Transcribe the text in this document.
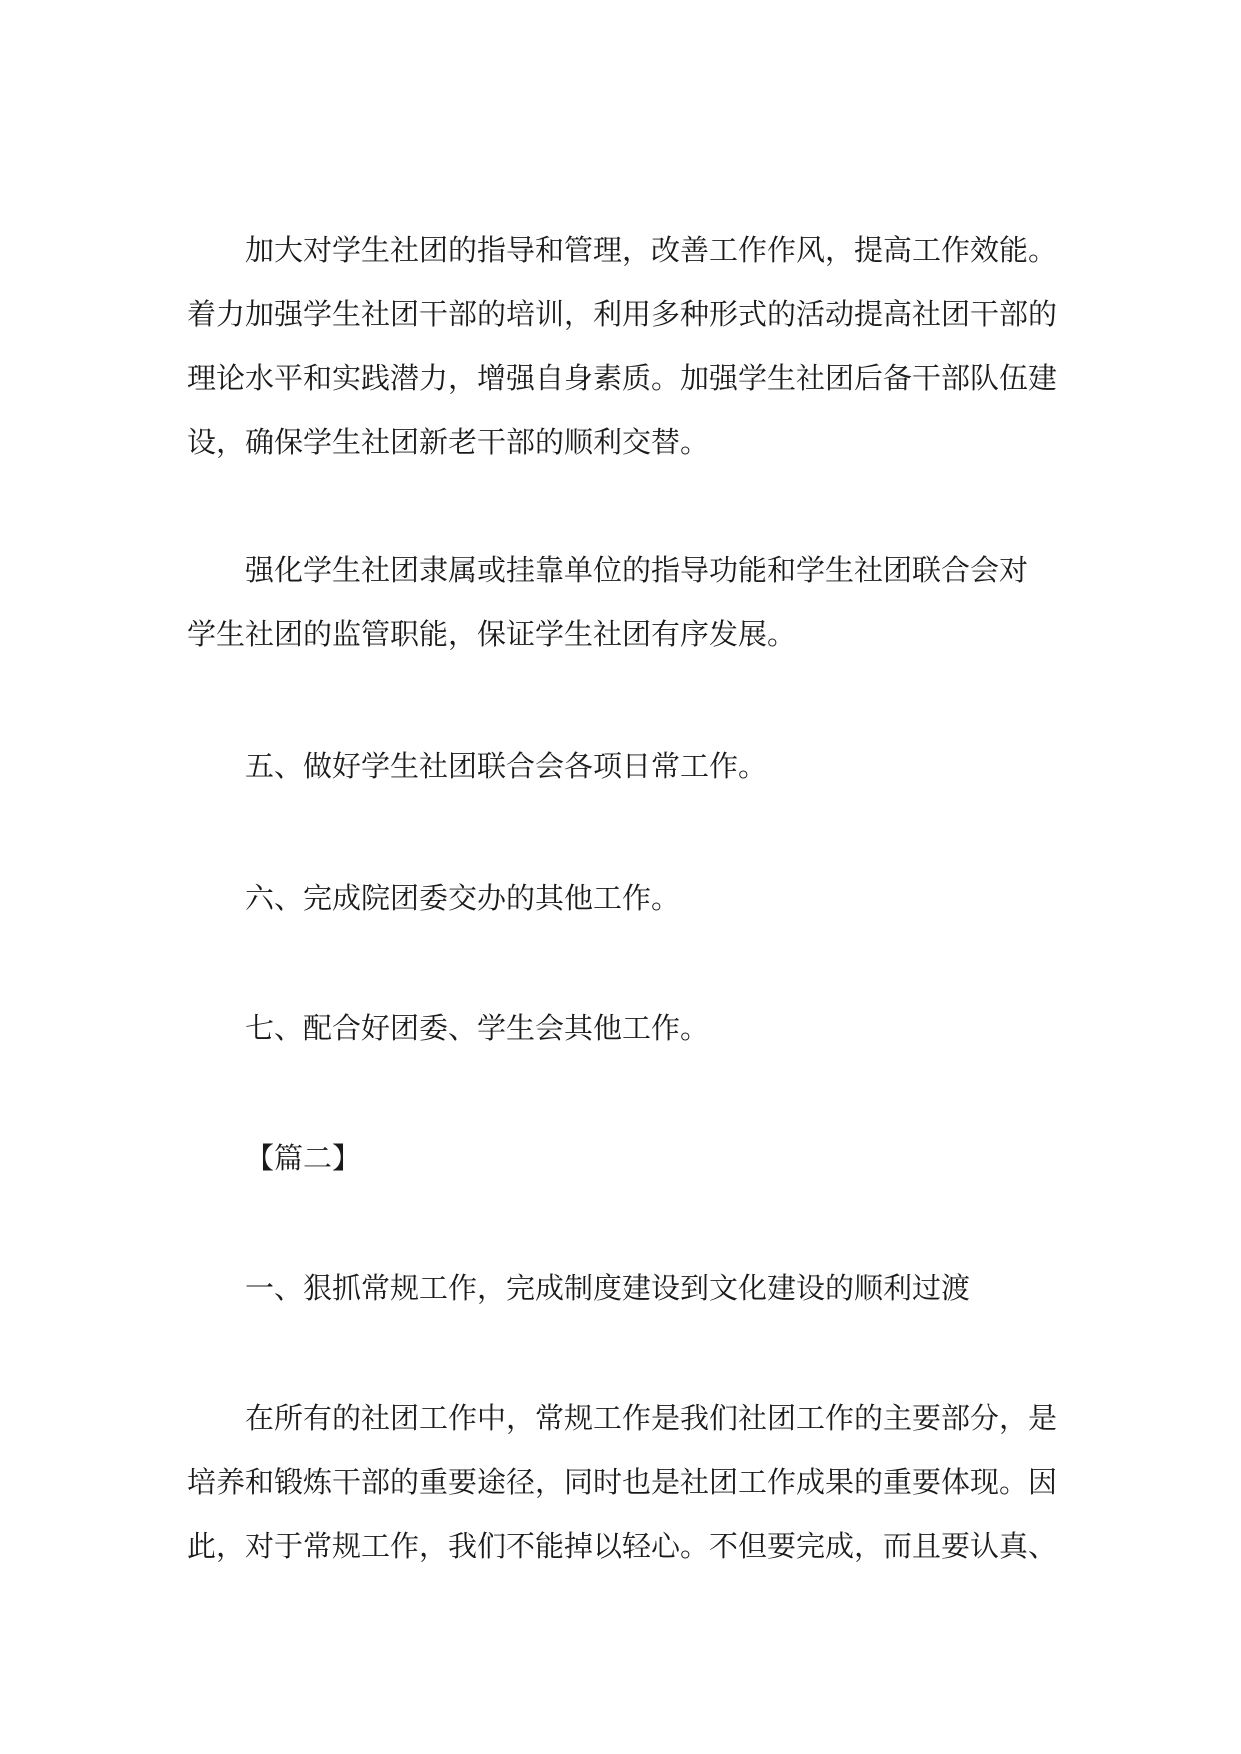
加大对学生社团的指导和管理，改善工作作风，提高工作效能。
着力加强学生社团干部的培训，利用多种形式的活动提高社团干部的
理论水平和实践潜力，增强自身素质。加强学生社团后备干部队伍建
设，确保学生社团新老干部的顺利交替。
强化学生社团隶属或挂靠单位的指导功能和学生社团联合会对
学生社团的监管职能，保证学生社团有序发展。
五、做好学生社团联合会各项日常工作。
六、完成院团委交办的其他工作。
七、配合好团委、学生会其他工作。
【篇二】
一、狠抓常规工作，完成制度建设到文化建设的顺利过渡
在所有的社团工作中，常规工作是我们社团工作的主要部分，是
培养和锻炼干部的重要途径，同时也是社团工作成果的重要体现。因
此，对于常规工作，我们不能掉以轻心。不但要完成，而且要认真、
